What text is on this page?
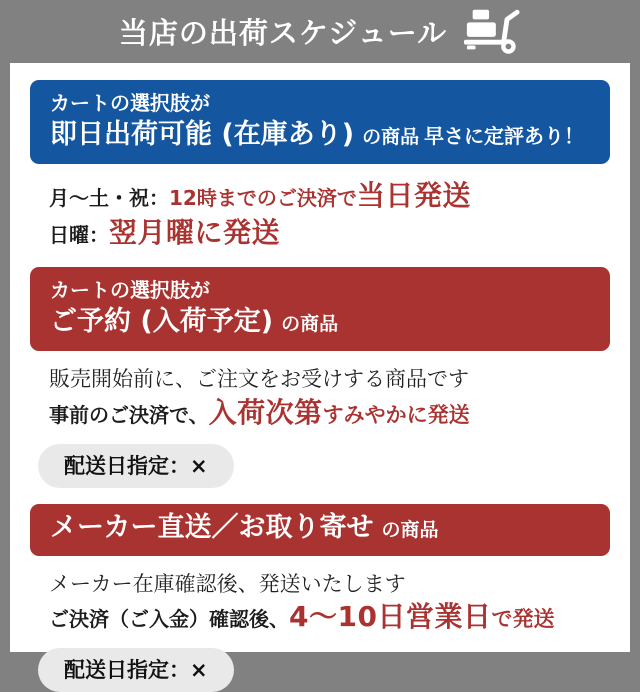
当店の出荷スケジュール
カートの選択肢が
即日出荷可能 (在庫あり) の商品 早さに定評あり！
月～土・祝：12時までのご決済で当日発送
日曜：翌月曜に発送
カートの選択肢が
ご予約 (入荷予定) の商品
販売開始前に、ご注文をお受けする商品です
事前のご決済で、入荷次第すみやかに発送
配送日指定：×
メーカー直送／お取り寄せ の商品
メーカー在庫確認後、発送いたします
ご決済（ご入金）確認後、4～10日営業日で発送
配送日指定：×
